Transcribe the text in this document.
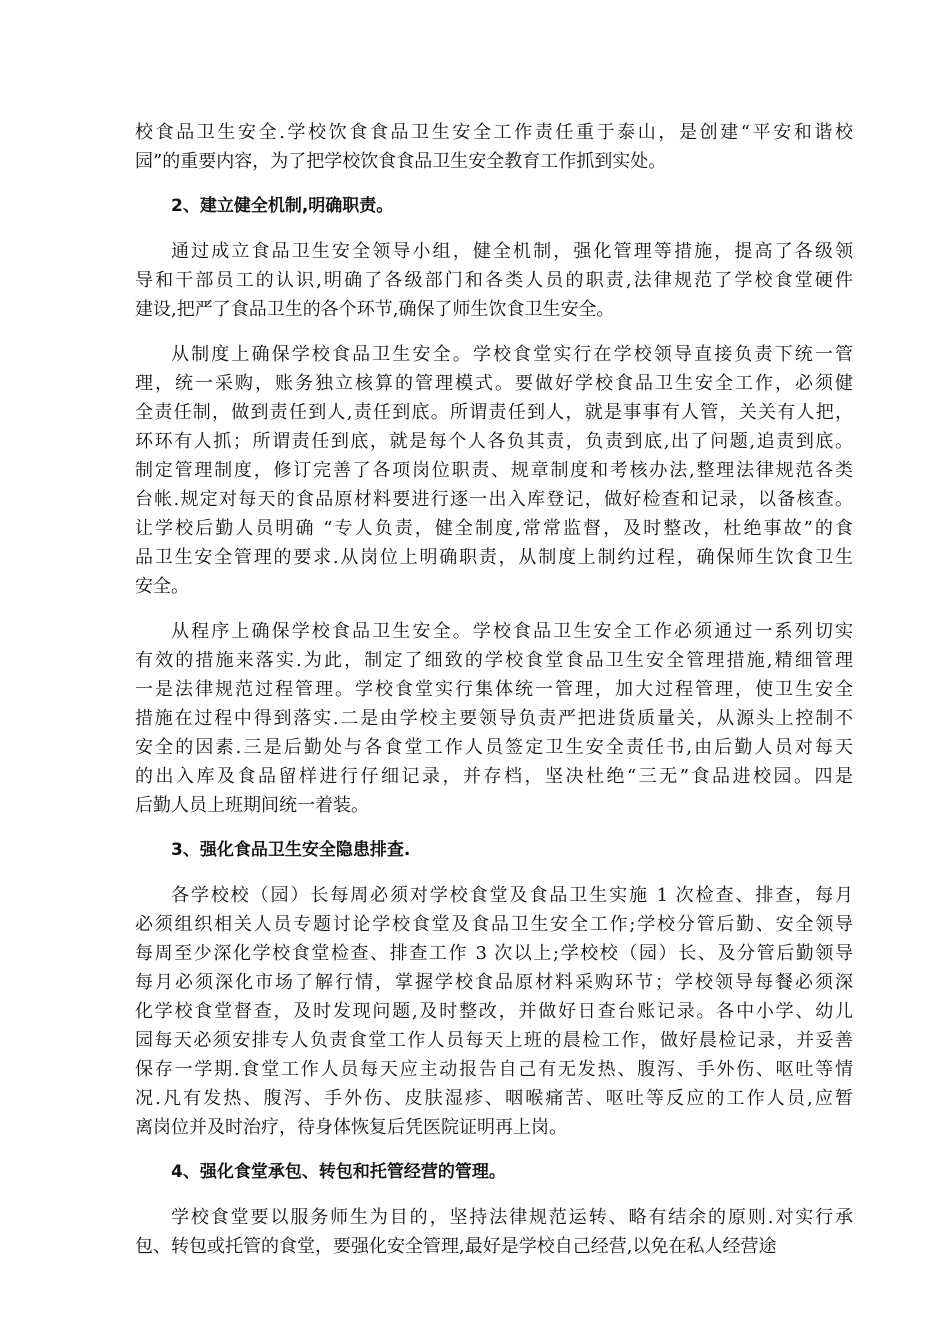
校食品卫生安全.学校饮食食品卫生安全工作责任重于泰山，是创建“平安和谐校
园”的重要内容，为了把学校饮食食品卫生安全教育工作抓到实处。
2、建立健全机制,明确职责。
通过成立食品卫生安全领导小组，健全机制，强化管理等措施，提高了各级领
导和干部员工的认识,明确了各级部门和各类人员的职责,法律规范了学校食堂硬件
建设,把严了食品卫生的各个环节,确保了师生饮食卫生安全。
从制度上确保学校食品卫生安全。学校食堂实行在学校领导直接负责下统一管
理，统一采购，账务独立核算的管理模式。要做好学校食品卫生安全工作，必须健
全责任制，做到责任到人,责任到底。所谓责任到人，就是事事有人管，关关有人把，
环环有人抓；所谓责任到底，就是每个人各负其责，负责到底,出了问题,追责到底。
制定管理制度，修订完善了各项岗位职责、规章制度和考核办法,整理法律规范各类
台帐.规定对每天的食品原材料要进行逐一出入库登记，做好检查和记录，以备核查。
让学校后勤人员明确 “专人负责，健全制度,常常监督，及时整改，杜绝事故”的食
品卫生安全管理的要求.从岗位上明确职责，从制度上制约过程，确保师生饮食卫生
安全。
从程序上确保学校食品卫生安全。学校食品卫生安全工作必须通过一系列切实
有效的措施来落实.为此，制定了细致的学校食堂食品卫生安全管理措施,精细管理
一是法律规范过程管理。学校食堂实行集体统一管理，加大过程管理，使卫生安全
措施在过程中得到落实.二是由学校主要领导负责严把进货质量关，从源头上控制不
安全的因素.三是后勤处与各食堂工作人员签定卫生安全责任书,由后勤人员对每天
的出入库及食品留样进行仔细记录，并存档，坚决杜绝“三无”食品进校园。四是
后勤人员上班期间统一着装。
3、强化食品卫生安全隐患排查.
各学校校（园）长每周必须对学校食堂及食品卫生实施 1 次检查、排查，每月
必须组织相关人员专题讨论学校食堂及食品卫生安全工作;学校分管后勤、安全领导
每周至少深化学校食堂检查、排查工作 3 次以上;学校校（园）长、及分管后勤领导
每月必须深化市场了解行情，掌握学校食品原材料采购环节；学校领导每餐必须深
化学校食堂督查，及时发现问题,及时整改，并做好日查台账记录。各中小学、幼儿
园每天必须安排专人负责食堂工作人员每天上班的晨检工作，做好晨检记录，并妥善
保存一学期.食堂工作人员每天应主动报告自己有无发热、腹泻、手外伤、呕吐等情
况.凡有发热、腹泻、手外伤、皮肤湿疹、咽喉痛苦、呕吐等反应的工作人员,应暂
离岗位并及时治疗，待身体恢复后凭医院证明再上岗。
4、强化食堂承包、转包和托管经营的管理。
学校食堂要以服务师生为目的，坚持法律规范运转、略有结余的原则.对实行承
包、转包或托管的食堂，要强化安全管理,最好是学校自己经营,以免在私人经营途
